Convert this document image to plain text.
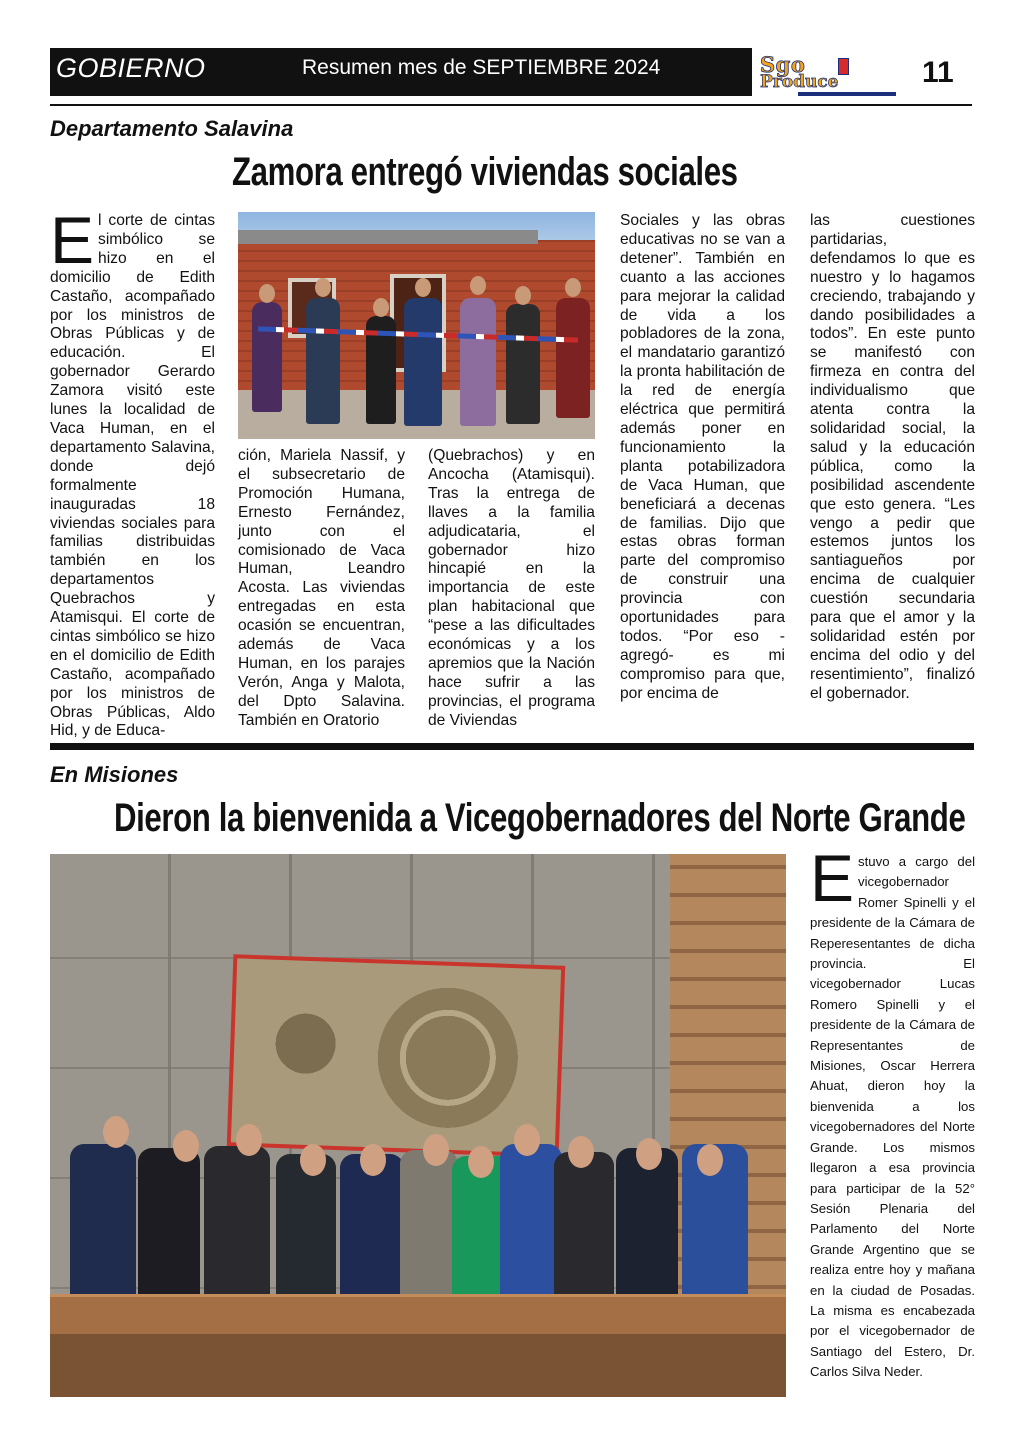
GOBIERNO	Resumen mes de SEPTIEMBRE 2024	Sgo
Produce	11
Departamento Salavina
Zamora entregó viviendas sociales
E l corte de cintas simbólico se hizo en el domicilio de Edith Castaño, acompañado por los ministros de Obras Públicas y de educación. El gobernador Gerardo Zamora visitó este lunes la localidad de Vaca Human, en el departamento Salavina, donde dejó formalmente inauguradas 18 viviendas sociales para familias distribuidas también en los departamentos Quebrachos y Atamisqui. El corte de cintas simbólico se hizo en el domicilio de Edith Castaño, acompañado por los ministros de Obras Públicas, Aldo Hid, y de Educa-

ción, Mariela Nassif, y el subsecretario de Promoción Humana, Ernesto Fernández, junto con el comisionado de Vaca Human, Leandro Acosta. Las viviendas entregadas en esta ocasión se encuentran, además de Vaca Human, en los parajes Verón, Anga y Malota, del Dpto Salavina. También en Oratorio

(Quebrachos) y en Ancocha (Atamisqui). Tras la entrega de llaves a la familia adjudicataria, el gobernador hizo hincapié en la importancia de este plan habitacional que “pese a las dificultades económicas y a los apremios que la Nación hace sufrir a las provincias, el programa de Viviendas

Sociales y las obras educativas no se van a detener”. También en cuanto a las acciones para mejorar la calidad de vida a los pobladores de la zona, el mandatario garantizó la pronta habilitación de la red de energía eléctrica que permitirá además poner en funcionamiento la planta potabilizadora de Vaca Human, que beneficiará a decenas de familias. Dijo que estas obras forman parte del compromiso de construir una provincia con oportunidades para todos. “Por eso -agregó- es mi compromiso para que, por encima de

las cuestiones partidarias, defendamos lo que es nuestro y lo hagamos creciendo, trabajando y dando posibilidades a todos”. En este punto se manifestó con firmeza en contra del individualismo que atenta contra la solidaridad social, la salud y la educación pública, como la posibilidad ascendente que esto genera. “Les vengo a pedir que estemos juntos los santiagueños por encima de cualquier cuestión secundaria para que el amor y la solidaridad estén por encima del odio y del resentimiento”, finalizó el gobernador.

En Misiones
Dieron la bienvenida a Vicegobernadores del Norte Grande
E stuvo a cargo del vicegobernador Romer Spinelli y el presidente de la Cámara de Reperesentantes de dicha provincia. El vicegobernador Lucas Romero Spinelli y el presidente de la Cámara de Representantes de Misiones, Oscar Herrera Ahuat, dieron hoy la bienvenida a los vicegobernadores del Norte Grande. Los mismos llegaron a esa provincia para participar de la 52° Sesión Plenaria del Parlamento del Norte Grande Argentino que se realiza entre hoy y mañana en la ciudad de Posadas. La misma es encabezada por el vicegobernador de Santiago del Estero, Dr. Carlos Silva Neder.
